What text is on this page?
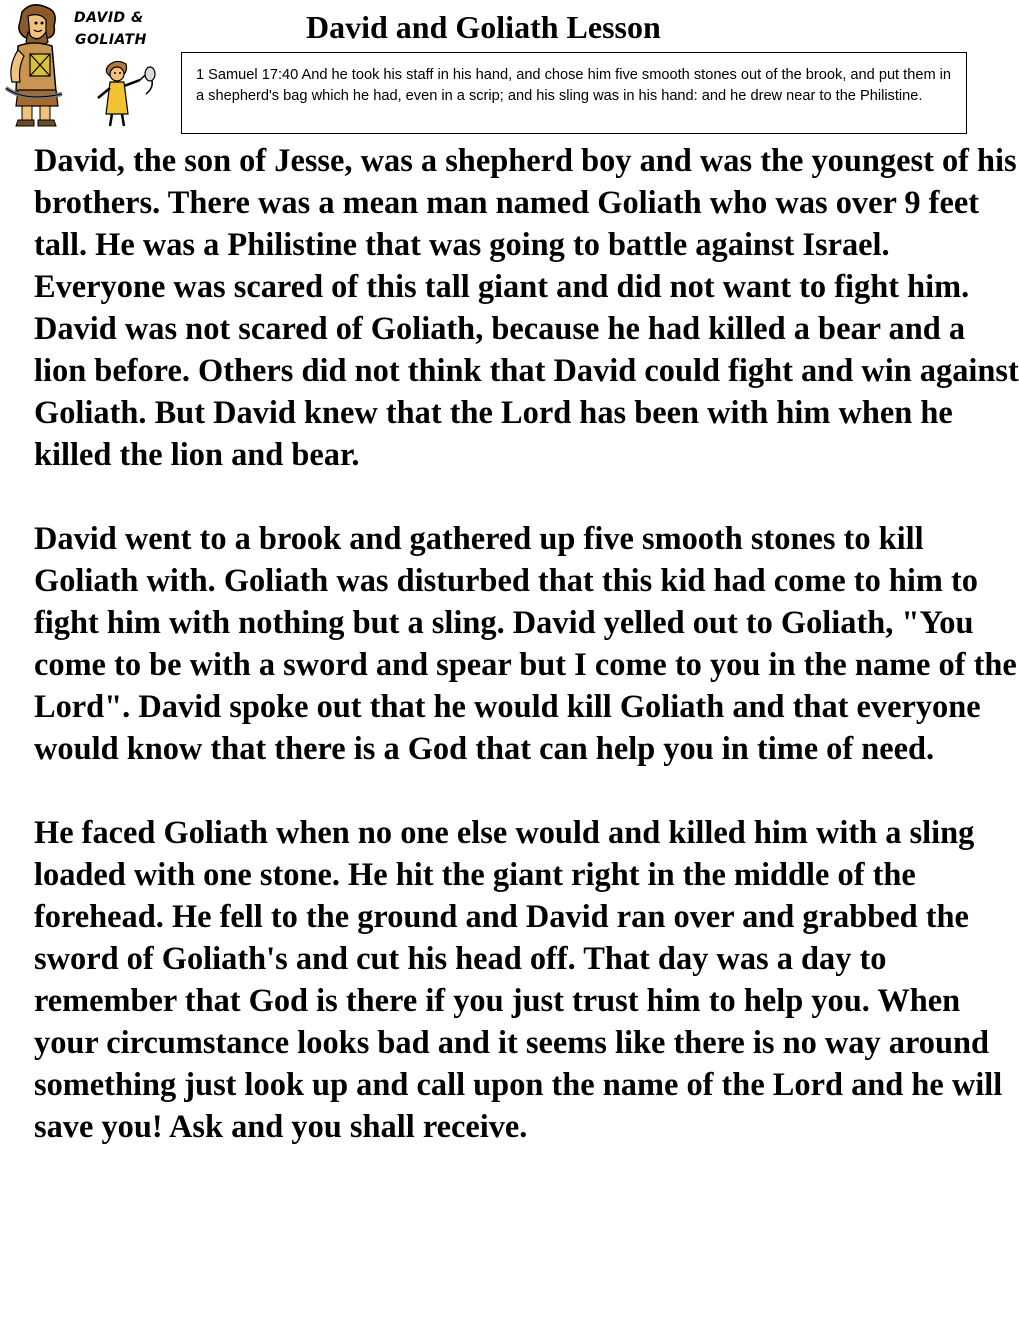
DAVID &
GOLIATH	David and Goliath Lesson
1 Samuel 17:40 And he took his staff in his hand, and chose him five smooth stones out of the brook, and put them in a shepherd's bag which he had, even in a scrip; and his sling was in his hand: and he drew near to the Philistine.

David, the son of Jesse, was a shepherd boy and was the youngest of his brothers. There was a mean man named Goliath who was over 9 feet tall. He was a Philistine that was going to battle against Israel. Everyone was scared of this tall giant and did not want to fight him. David was not scared of Goliath, because he had killed a bear and a lion before. Others did not think that David could fight and win against Goliath. But David knew that the Lord has been with him when he killed the lion and bear.

David went to a brook and gathered up five smooth stones to kill Goliath with. Goliath was disturbed that this kid had come to him to fight him with nothing but a sling. David yelled out to Goliath, "You come to be with a sword and spear but I come to you in the name of the Lord". David spoke out that he would kill Goliath and that everyone would know that there is a God that can help you in time of need.

He faced Goliath when no one else would and killed him with a sling loaded with one stone. He hit the giant right in the middle of the forehead. He fell to the ground and David ran over and grabbed the sword of Goliath's and cut his head off. That day was a day to remember that God is there if you just trust him to help you. When your circumstance looks bad and it seems like there is no way around something just look up and call upon the name of the Lord and he will save you! Ask and you shall receive.
